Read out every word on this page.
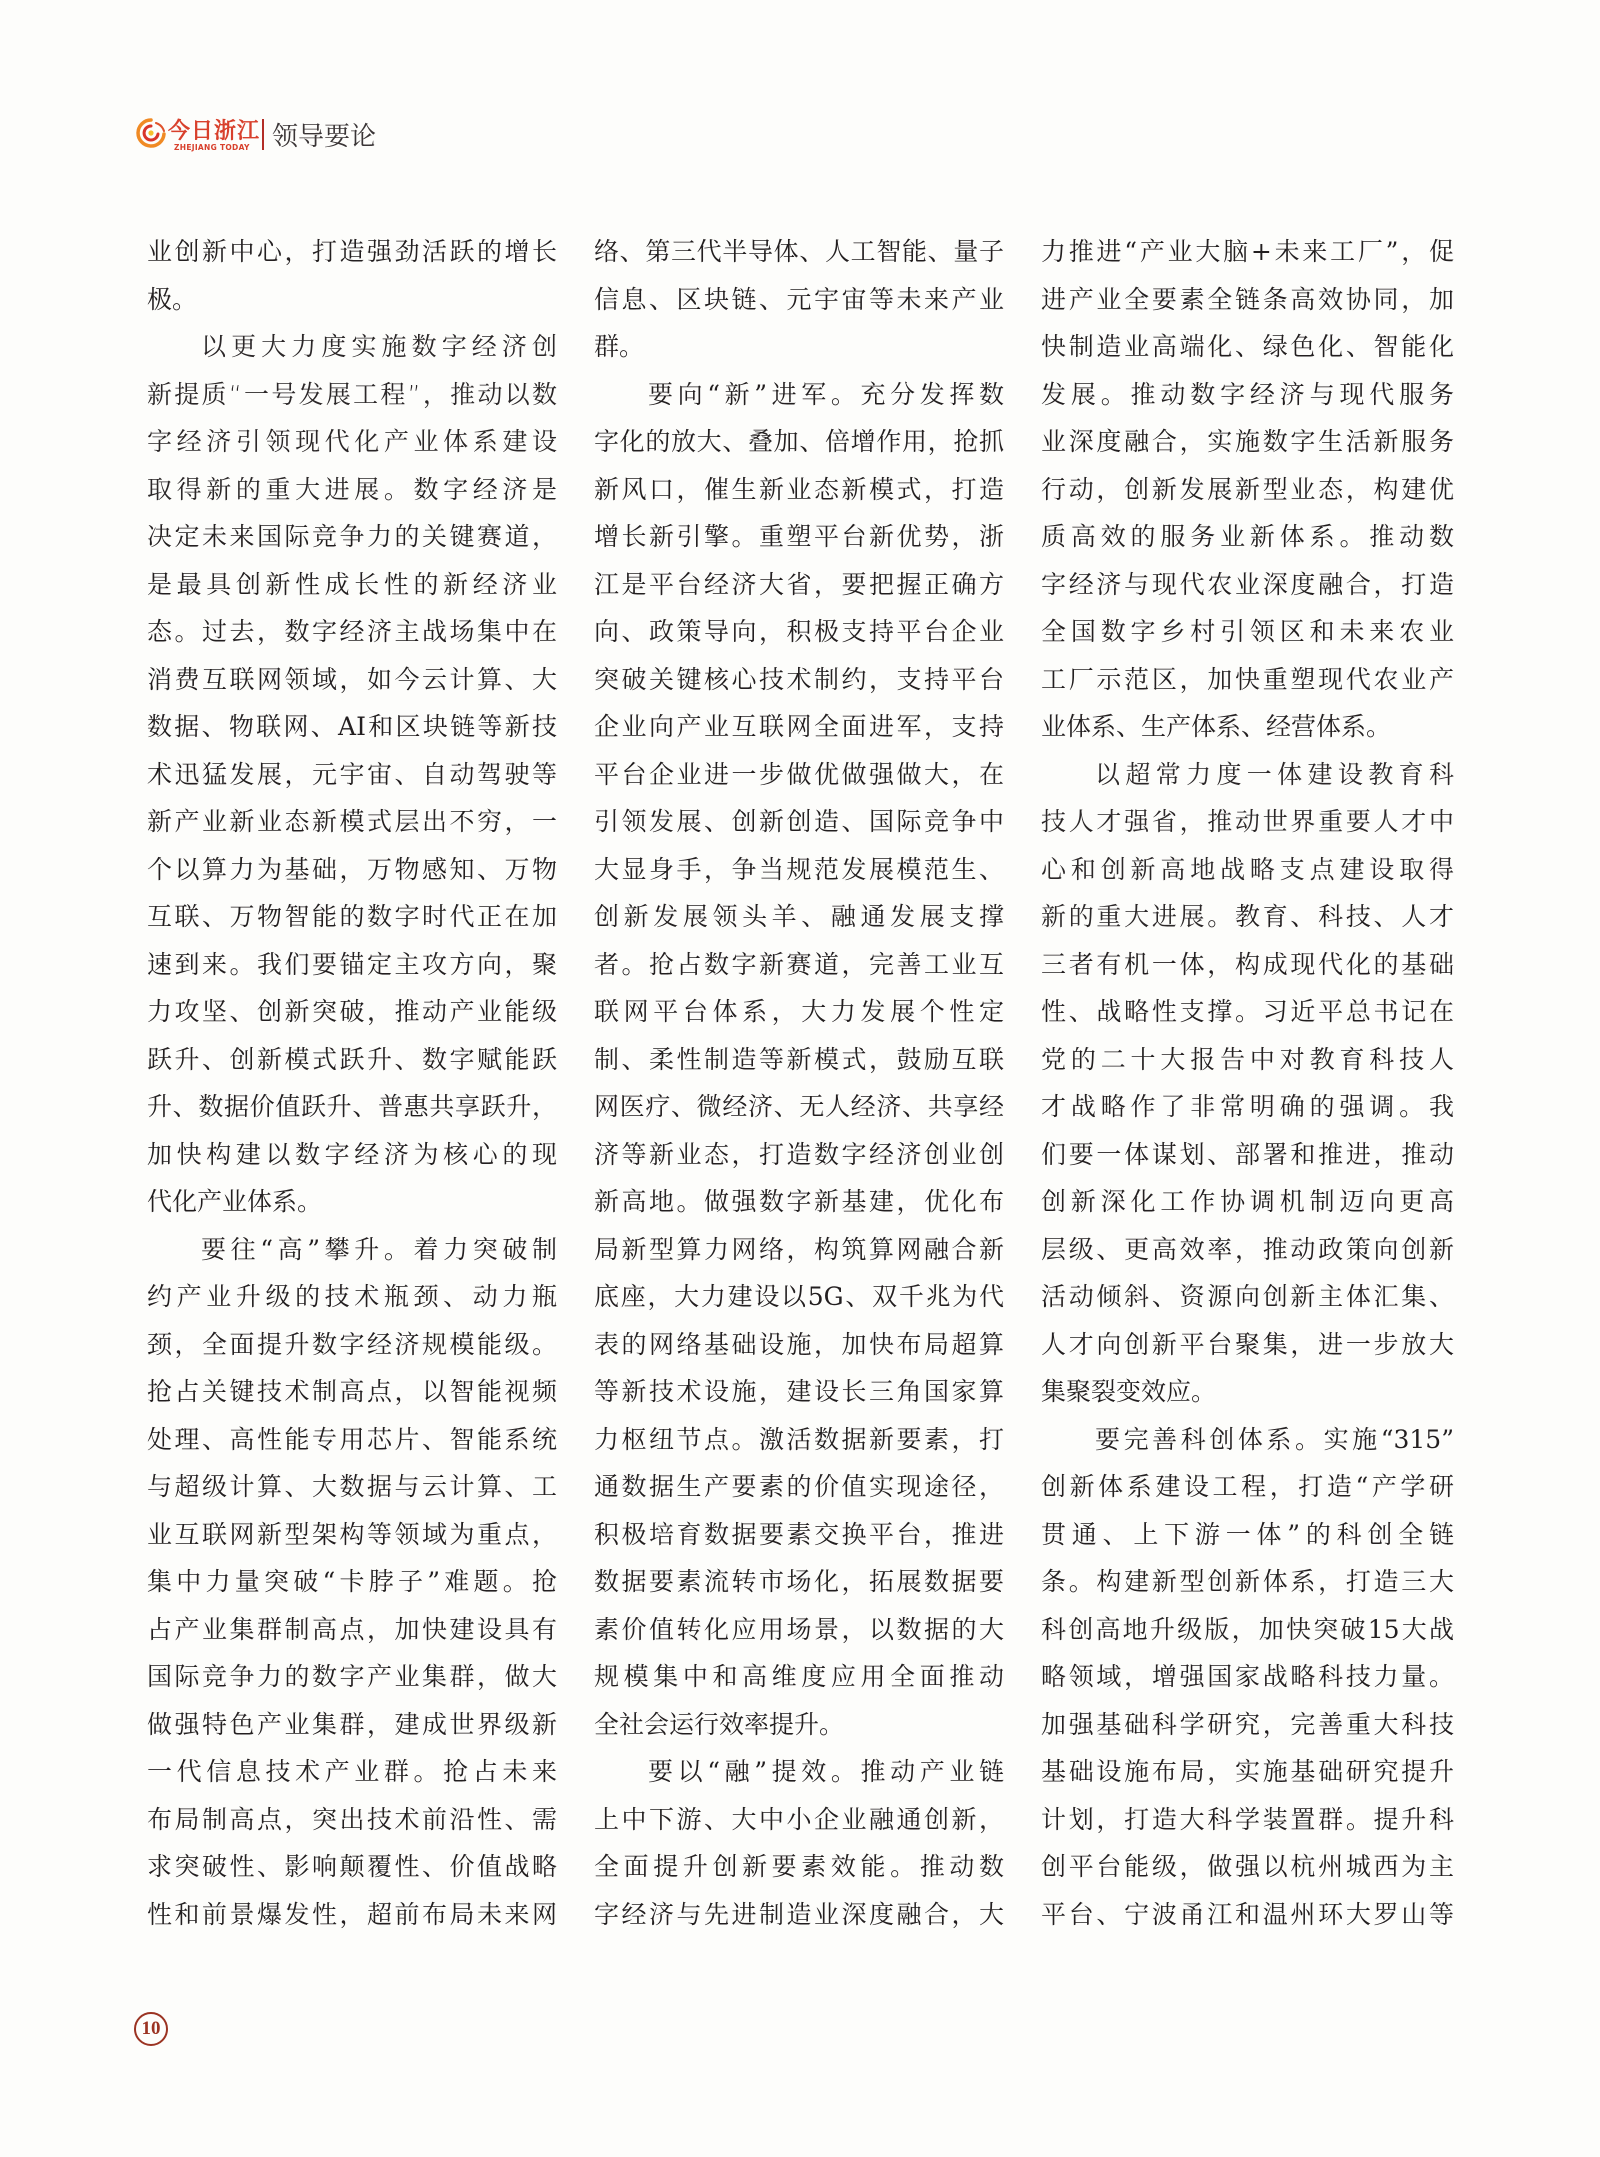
今日浙江
ZHEJIANG TODAY 领导要论
业创新中心，打造强劲活跃的增长
极。
以更大力度实施数字经济创
新提质“一号发展工程”，推动以数
字经济引领现代化产业体系建设
取得新的重大进展。数字经济是
决定未来国际竞争力的关键赛道，
是最具创新性成长性的新经济业
态。过去，数字经济主战场集中在
消费互联网领域，如今云计算、大
数据、物联网、AI和区块链等新技
术迅猛发展，元宇宙、自动驾驶等
新产业新业态新模式层出不穷，一
个以算力为基础，万物感知、万物
互联、万物智能的数字时代正在加
速到来。我们要锚定主攻方向，聚
力攻坚、创新突破，推动产业能级
跃升、创新模式跃升、数字赋能跃
升、数据价值跃升、普惠共享跃升，
加快构建以数字经济为核心的现
代化产业体系。
要往“高”攀升。着力突破制
约产业升级的技术瓶颈、动力瓶
颈，全面提升数字经济规模能级。
抢占关键技术制高点，以智能视频
处理、高性能专用芯片、智能系统
与超级计算、大数据与云计算、工
业互联网新型架构等领域为重点，
集中力量突破“卡脖子”难题。抢
占产业集群制高点，加快建设具有
国际竞争力的数字产业集群，做大
做强特色产业集群，建成世界级新
一代信息技术产业群。抢占未来
布局制高点，突出技术前沿性、需
求突破性、影响颠覆性、价值战略
性和前景爆发性，超前布局未来网
络、第三代半导体、人工智能、量子
信息、区块链、元宇宙等未来产业
群。
要向“新”进军。充分发挥数
字化的放大、叠加、倍增作用，抢抓
新风口，催生新业态新模式，打造
增长新引擎。重塑平台新优势，浙
江是平台经济大省，要把握正确方
向、政策导向，积极支持平台企业
突破关键核心技术制约，支持平台
企业向产业互联网全面进军，支持
平台企业进一步做优做强做大，在
引领发展、创新创造、国际竞争中
大显身手，争当规范发展模范生、
创新发展领头羊、融通发展支撑
者。抢占数字新赛道，完善工业互
联网平台体系，大力发展个性定
制、柔性制造等新模式，鼓励互联
网医疗、微经济、无人经济、共享经
济等新业态，打造数字经济创业创
新高地。做强数字新基建，优化布
局新型算力网络，构筑算网融合新
底座，大力建设以5G、双千兆为代
表的网络基础设施，加快布局超算
等新技术设施，建设长三角国家算
力枢纽节点。激活数据新要素，打
通数据生产要素的价值实现途径，
积极培育数据要素交换平台，推进
数据要素流转市场化，拓展数据要
素价值转化应用场景，以数据的大
规模集中和高维度应用全面推动
全社会运行效率提升。
要以“融”提效。推动产业链
上中下游、大中小企业融通创新，
全面提升创新要素效能。推动数
字经济与先进制造业深度融合，大
力推进“产业大脑+未来工厂”，促
进产业全要素全链条高效协同，加
快制造业高端化、绿色化、智能化
发展。推动数字经济与现代服务
业深度融合，实施数字生活新服务
行动，创新发展新型业态，构建优
质高效的服务业新体系。推动数
字经济与现代农业深度融合，打造
全国数字乡村引领区和未来农业
工厂示范区，加快重塑现代农业产
业体系、生产体系、经营体系。
以超常力度一体建设教育科
技人才强省，推动世界重要人才中
心和创新高地战略支点建设取得
新的重大进展。教育、科技、人才
三者有机一体，构成现代化的基础
性、战略性支撑。习近平总书记在
党的二十大报告中对教育科技人
才战略作了非常明确的强调。我
们要一体谋划、部署和推进，推动
创新深化工作协调机制迈向更高
层级、更高效率，推动政策向创新
活动倾斜、资源向创新主体汇集、
人才向创新平台聚集，进一步放大
集聚裂变效应。
要完善科创体系。实施“315”
创新体系建设工程，打造“产学研
贯通、上下游一体”的科创全链
条。构建新型创新体系，打造三大
科创高地升级版，加快突破15大战
略领域，增强国家战略科技力量。
加强基础科学研究，完善重大科技
基础设施布局，实施基础研究提升
计划，打造大科学装置群。提升科
创平台能级，做强以杭州城西为主
平台、宁波甬江和温州环大罗山等
10
